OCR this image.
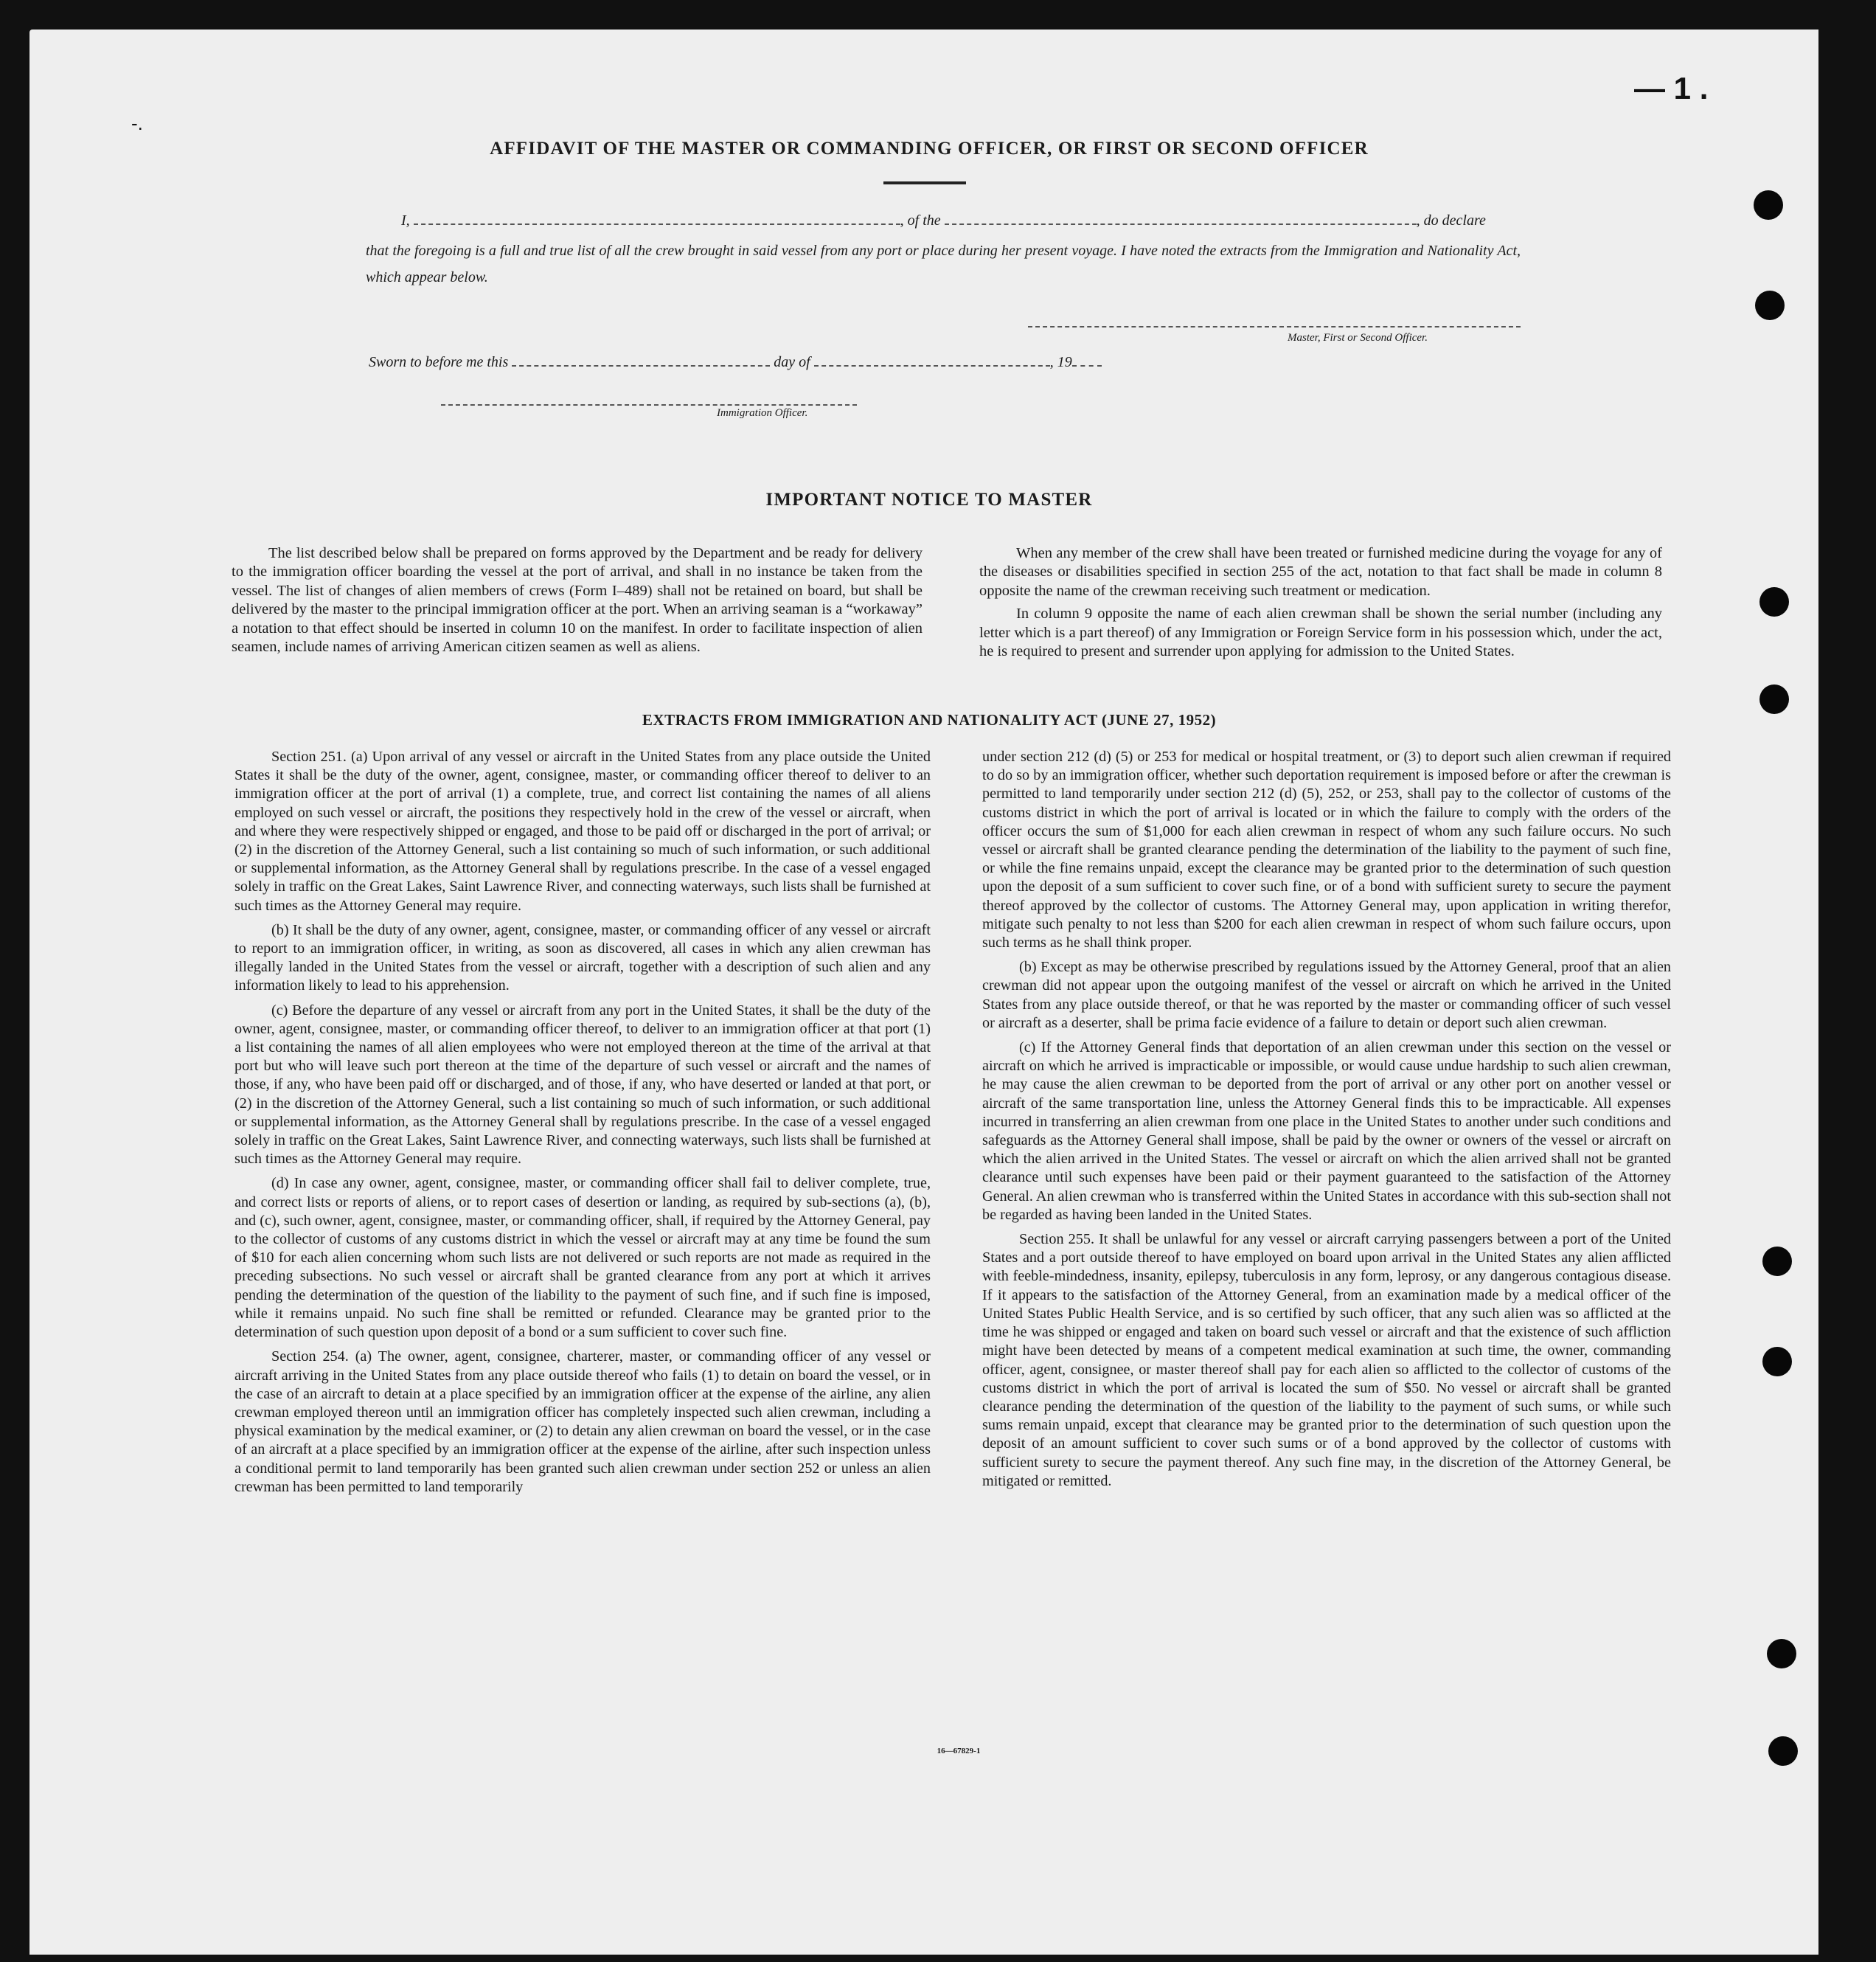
— 1 .
-.
AFFIDAVIT OF THE MASTER OR COMMANDING OFFICER, OR FIRST OR SECOND OFFICER
I,	, of the	, do declare
that the foregoing is a full and true list of all the crew brought in said vessel from any port or place during her present voyage. I have noted the extracts from the Immigration and Nationality Act, which appear below.
Master, First or Second Officer.
Sworn to before me this	day of	, 19
Immigration Officer.
IMPORTANT NOTICE TO MASTER

The list described below shall be prepared on forms approved by the Department and be ready for delivery to the immigration officer boarding the vessel at the port of arrival, and shall in no instance be taken from the vessel. The list of changes of alien members of crews (Form I–489) shall not be retained on board, but shall be delivered by the master to the principal immigration officer at the port. When an arriving seaman is a “workaway” a notation to that effect should be inserted in column 10 on the manifest. In order to facilitate inspection of alien seamen, include names of arriving American citizen seamen as well as aliens.

When any member of the crew shall have been treated or furnished medicine during the voyage for any of the diseases or disabilities specified in section 255 of the act, notation to that fact shall be made in column 8 opposite the name of the crewman receiving such treatment or medication.

In column 9 opposite the name of each alien crewman shall be shown the serial number (including any letter which is a part thereof) of any Immigration or Foreign Service form in his possession which, under the act, he is required to present and surrender upon applying for admission to the United States.

EXTRACTS FROM IMMIGRATION AND NATIONALITY ACT (JUNE 27, 1952)

Section 251. (a) Upon arrival of any vessel or aircraft in the United States from any place outside the United States it shall be the duty of the owner, agent, consignee, master, or commanding officer thereof to deliver to an immigration officer at the port of arrival (1) a complete, true, and correct list containing the names of all aliens employed on such vessel or aircraft, the positions they respectively hold in the crew of the vessel or aircraft, when and where they were respectively shipped or engaged, and those to be paid off or discharged in the port of arrival; or (2) in the discretion of the Attorney General, such a list containing so much of such information, or such additional or supplemental information, as the Attorney General shall by regulations prescribe. In the case of a vessel engaged solely in traffic on the Great Lakes, Saint Lawrence River, and connecting waterways, such lists shall be furnished at such times as the Attorney General may require.

(b) It shall be the duty of any owner, agent, consignee, master, or commanding officer of any vessel or aircraft to report to an immigration officer, in writing, as soon as discovered, all cases in which any alien crewman has illegally landed in the United States from the vessel or aircraft, together with a description of such alien and any information likely to lead to his apprehension.

(c) Before the departure of any vessel or aircraft from any port in the United States, it shall be the duty of the owner, agent, consignee, master, or commanding officer thereof, to deliver to an immigration officer at that port (1) a list containing the names of all alien employees who were not employed thereon at the time of the arrival at that port but who will leave such port thereon at the time of the departure of such vessel or aircraft and the names of those, if any, who have been paid off or discharged, and of those, if any, who have deserted or landed at that port, or (2) in the discretion of the Attorney General, such a list containing so much of such information, or such additional or supplemental information, as the Attorney General shall by regulations prescribe. In the case of a vessel engaged solely in traffic on the Great Lakes, Saint Lawrence River, and connecting waterways, such lists shall be furnished at such times as the Attorney General may require.

(d) In case any owner, agent, consignee, master, or commanding officer shall fail to deliver complete, true, and correct lists or reports of aliens, or to report cases of desertion or landing, as required by sub-sections (a), (b), and (c), such owner, agent, consignee, master, or commanding officer, shall, if required by the Attorney General, pay to the collector of customs of any customs district in which the vessel or aircraft may at any time be found the sum of $10 for each alien concerning whom such lists are not delivered or such reports are not made as required in the preceding subsections. No such vessel or aircraft shall be granted clearance from any port at which it arrives pending the determination of the question of the liability to the payment of such fine, and if such fine is imposed, while it remains unpaid. No such fine shall be remitted or refunded. Clearance may be granted prior to the determination of such question upon deposit of a bond or a sum sufficient to cover such fine.

Section 254. (a) The owner, agent, consignee, charterer, master, or commanding officer of any vessel or aircraft arriving in the United States from any place outside thereof who fails (1) to detain on board the vessel, or in the case of an aircraft to detain at a place specified by an immigration officer at the expense of the airline, any alien crewman employed thereon until an immigration officer has completely inspected such alien crewman, including a physical examination by the medical examiner, or (2) to detain any alien crewman on board the vessel, or in the case of an aircraft at a place specified by an immigration officer at the expense of the airline, after such inspection unless a conditional permit to land temporarily has been granted such alien crewman under section 252 or unless an alien crewman has been permitted to land temporarily

under section 212 (d) (5) or 253 for medical or hospital treatment, or (3) to deport such alien crewman if required to do so by an immigration officer, whether such deportation requirement is imposed before or after the crewman is permitted to land temporarily under section 212 (d) (5), 252, or 253, shall pay to the collector of customs of the customs district in which the port of arrival is located or in which the failure to comply with the orders of the officer occurs the sum of $1,000 for each alien crewman in respect of whom any such failure occurs. No such vessel or aircraft shall be granted clearance pending the determination of the liability to the payment of such fine, or while the fine remains unpaid, except the clearance may be granted prior to the determination of such question upon the deposit of a sum sufficient to cover such fine, or of a bond with sufficient surety to secure the payment thereof approved by the collector of customs. The Attorney General may, upon application in writing therefor, mitigate such penalty to not less than $200 for each alien crewman in respect of whom such failure occurs, upon such terms as he shall think proper.

(b) Except as may be otherwise prescribed by regulations issued by the Attorney General, proof that an alien crewman did not appear upon the outgoing manifest of the vessel or aircraft on which he arrived in the United States from any place outside thereof, or that he was reported by the master or commanding officer of such vessel or aircraft as a deserter, shall be prima facie evidence of a failure to detain or deport such alien crewman.

(c) If the Attorney General finds that deportation of an alien crewman under this section on the vessel or aircraft on which he arrived is impracticable or impossible, or would cause undue hardship to such alien crewman, he may cause the alien crewman to be deported from the port of arrival or any other port on another vessel or aircraft of the same transportation line, unless the Attorney General finds this to be impracticable. All expenses incurred in transferring an alien crewman from one place in the United States to another under such conditions and safeguards as the Attorney General shall impose, shall be paid by the owner or owners of the vessel or aircraft on which the alien arrived in the United States. The vessel or aircraft on which the alien arrived shall not be granted clearance until such expenses have been paid or their payment guaranteed to the satisfaction of the Attorney General. An alien crewman who is transferred within the United States in accordance with this sub-section shall not be regarded as having been landed in the United States.

Section 255. It shall be unlawful for any vessel or aircraft carrying passengers between a port of the United States and a port outside thereof to have employed on board upon arrival in the United States any alien afflicted with feeble-mindedness, insanity, epilepsy, tuberculosis in any form, leprosy, or any dangerous contagious disease. If it appears to the satisfaction of the Attorney General, from an examination made by a medical officer of the United States Public Health Service, and is so certified by such officer, that any such alien was so afflicted at the time he was shipped or engaged and taken on board such vessel or aircraft and that the existence of such affliction might have been detected by means of a competent medical examination at such time, the owner, commanding officer, agent, consignee, or master thereof shall pay for each alien so afflicted to the collector of customs of the customs district in which the port of arrival is located the sum of $50. No vessel or aircraft shall be granted clearance pending the determination of the question of the liability to the payment of such sums, or while such sums remain unpaid, except that clearance may be granted prior to the determination of such question upon the deposit of an amount sufficient to cover such sums or of a bond approved by the collector of customs with sufficient surety to secure the payment thereof. Any such fine may, in the discretion of the Attorney General, be mitigated or remitted.

16—67829-1
